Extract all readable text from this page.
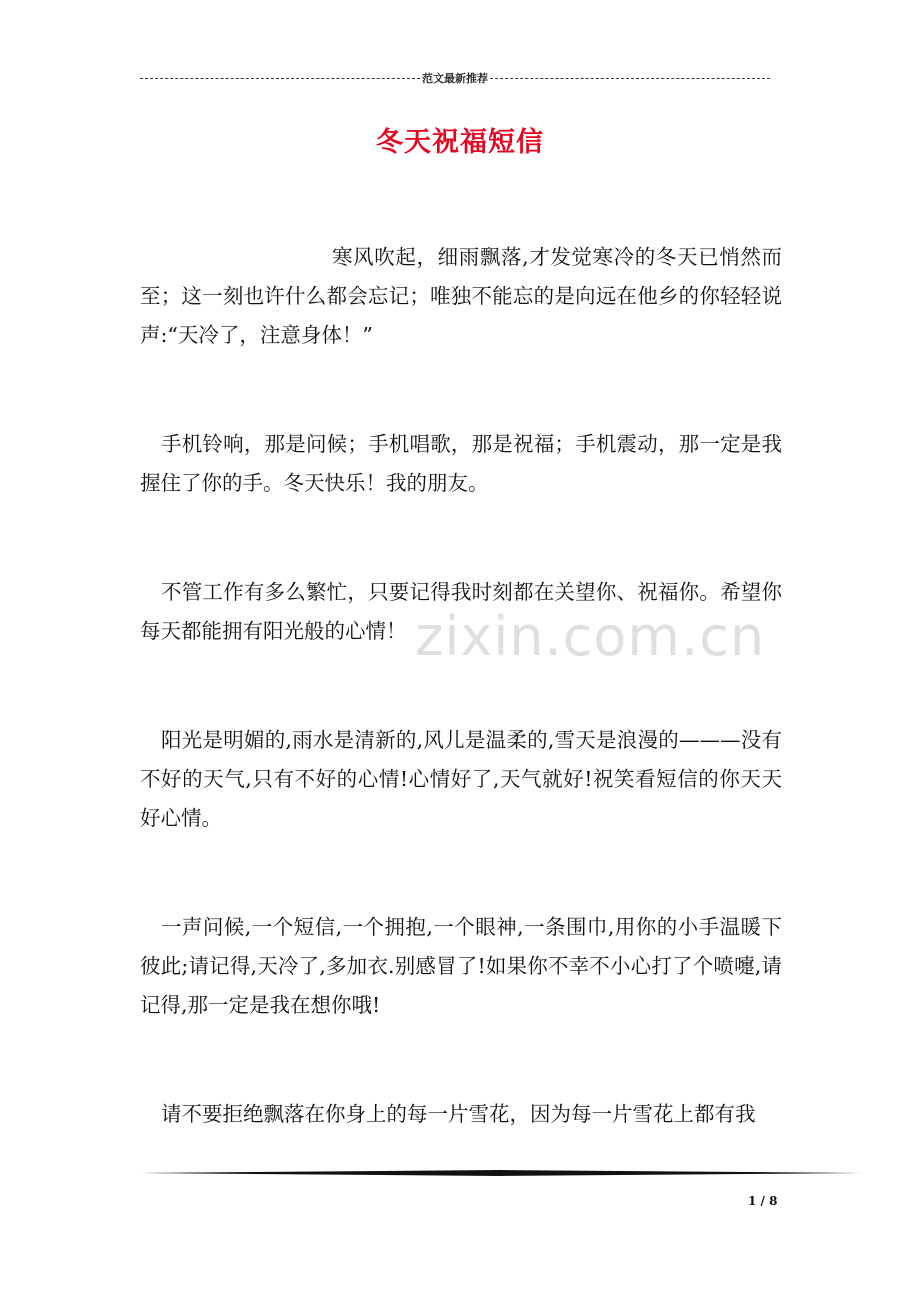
范文最新推荐
冬天祝福短信

寒风吹起，细雨飘落,才发觉寒冷的冬天已悄然而至；这一刻也许什么都会忘记；唯独不能忘的是向远在他乡的你轻轻说声:“天冷了，注意身体！”

手机铃响，那是问候；手机唱歌，那是祝福；手机震动，那一定是我握住了你的手。冬天快乐！我的朋友。

不管工作有多么繁忙，只要记得我时刻都在关望你、祝福你。希望你每天都能拥有阳光般的心情！

阳光是明媚的,雨水是清新的,风儿是温柔的,雪天是浪漫的———没有不好的天气,只有不好的心情!心情好了,天气就好!祝笑看短信的你天天好心情。

一声问候,一个短信,一个拥抱,一个眼神,一条围巾,用你的小手温暖下彼此;请记得,天冷了,多加衣.别感冒了!如果你不幸不小心打了个喷嚏,请记得,那一定是我在想你哦!

请不要拒绝飘落在你身上的每一片雪花，因为每一片雪花上都有我

zixin.com.cn
1 / 8
